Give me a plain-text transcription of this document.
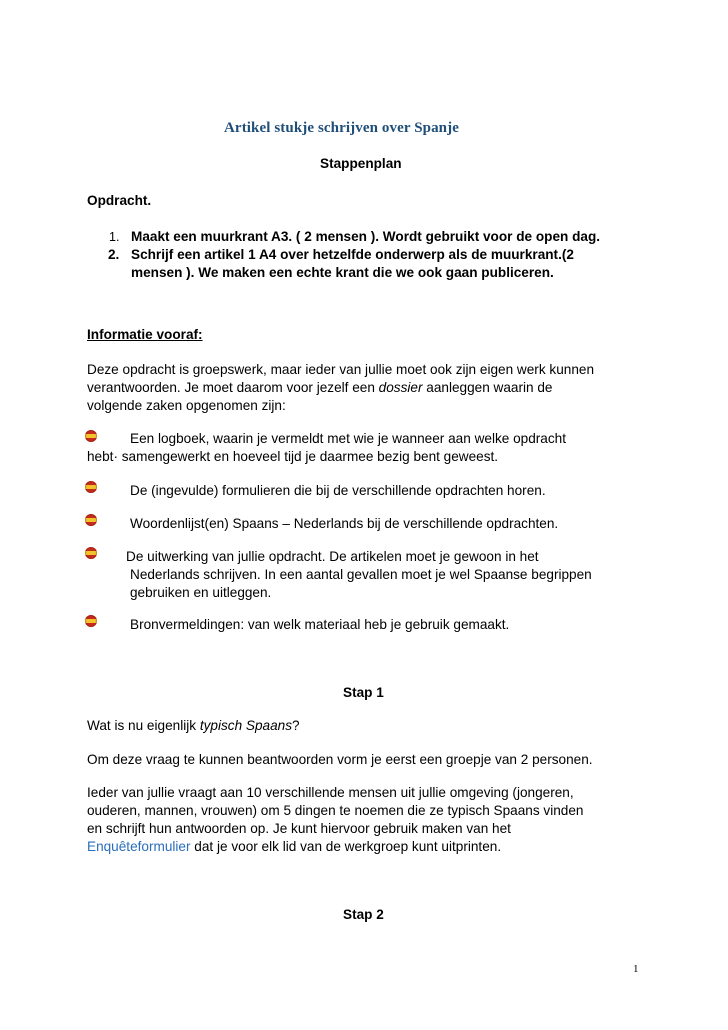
Artikel stukje schrijven over Spanje
Stappenplan
Opdracht.
1. Maakt een muurkrant A3. ( 2 mensen ). Wordt gebruikt voor de open dag.
2. Schrijf een artikel 1 A4 over hetzelfde onderwerp als de muurkrant.(2
mensen ). We maken een echte krant die we ook gaan publiceren.
Informatie vooraf:
Deze opdracht is groepswerk, maar ieder van jullie moet ook zijn eigen werk kunnen
verantwoorden. Je moet daarom voor jezelf een dossier aanleggen waarin de
volgende zaken opgenomen zijn:
Een logboek, waarin je vermeldt met wie je wanneer aan welke opdracht
hebt· samengewerkt en hoeveel tijd je daarmee bezig bent geweest.
De (ingevulde) formulieren die bij de verschillende opdrachten horen.
Woordenlijst(en) Spaans – Nederlands bij de verschillende opdrachten.
De uitwerking van jullie opdracht. De artikelen moet je gewoon in het
Nederlands schrijven. In een aantal gevallen moet je wel Spaanse begrippen
gebruiken en uitleggen.
Bronvermeldingen: van welk materiaal heb je gebruik gemaakt.
Stap 1
Wat is nu eigenlijk typisch Spaans?
Om deze vraag te kunnen beantwoorden vorm je eerst een groepje van 2 personen.
Ieder van jullie vraagt aan 10 verschillende mensen uit jullie omgeving (jongeren,
ouderen, mannen, vrouwen) om 5 dingen te noemen die ze typisch Spaans vinden
en schrijft hun antwoorden op. Je kunt hiervoor gebruik maken van het
Enquêteformulier dat je voor elk lid van de werkgroep kunt uitprinten.
Stap 2
1
